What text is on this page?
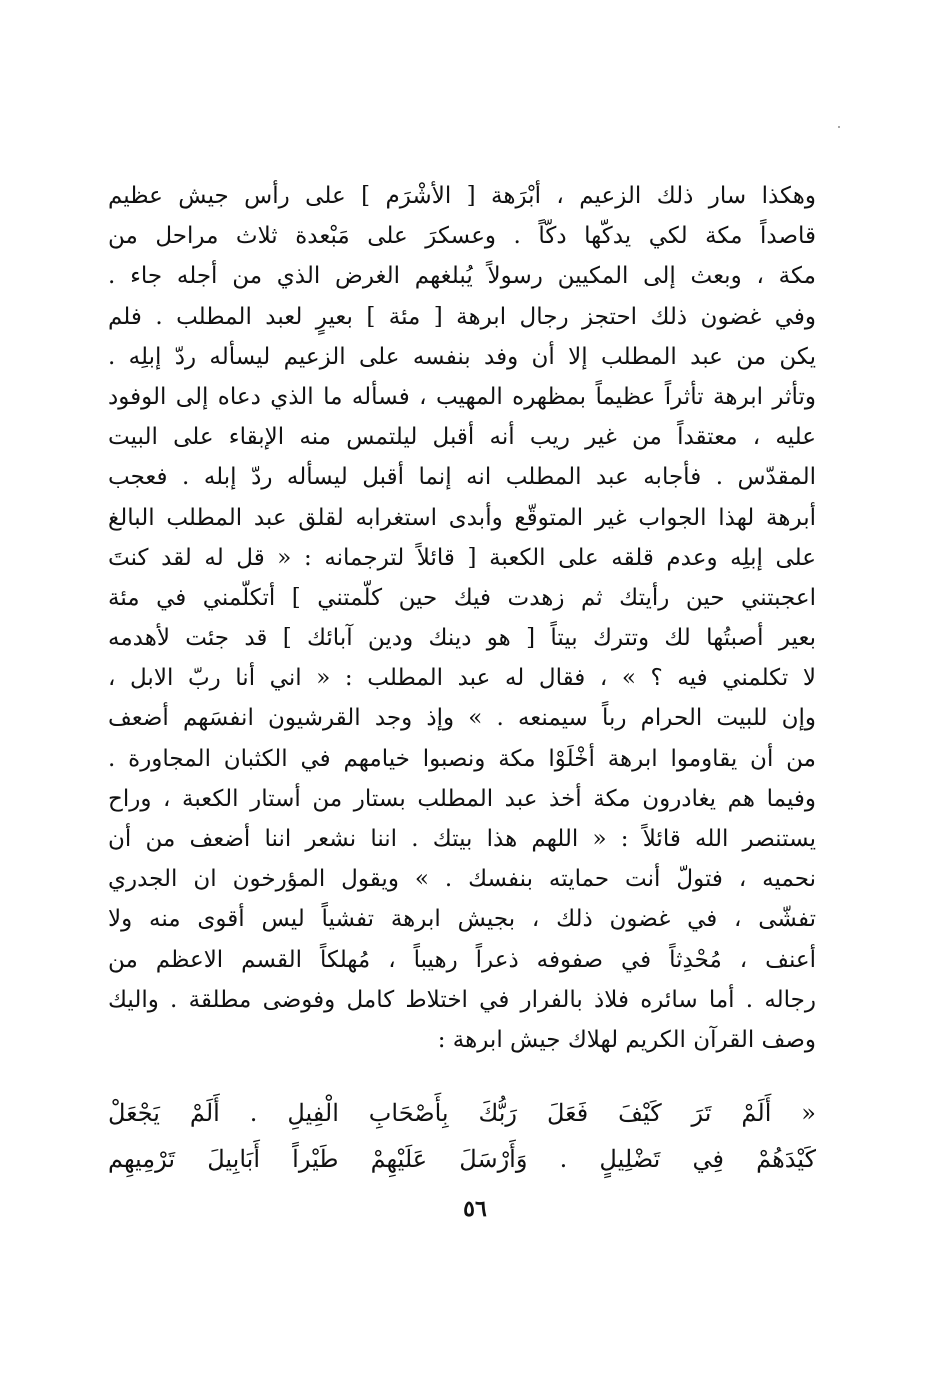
وهكذا سار ذلك الزعيم ، أبْرَهة [ الأشْرَم ] على رأس جيش عظيم
قاصداً مكة لكي يدكّها دكّاً . وعسكرَ على مَبْعدة ثلاث مراحل من
مكة ، وبعث إلى المكيين رسولاً يُبلغهم الغرض الذي من أجله جاء .
وفي غضون ذلك احتجز رجال ابرهة [ مئة ] بعيرٍ لعبد المطلب . فلم
يكن من عبد المطلب إلا أن وفد بنفسه على الزعيم ليسأله ردّ إبلِه .
وتأثر ابرهة تأثراً عظيماً بمظهره المهيب ، فسأله ما الذي دعاه إلى الوفود
عليه ، معتقداً من غير ريب أنه أقبل ليلتمس منه الإبقاء على البيت
المقدّس . فأجابه عبد المطلب انه إنما أقبل ليسأله ردّ إبله . فعجب
أبرهة لهذا الجواب غير المتوقّع وأبدى استغرابه لقلق عبد المطلب البالغ
على إبلِه وعدم قلقه على الكعبة [ قائلاً لترجمانه : « قل له لقد كنتَ
اعجبتني حين رأيتك ثم زهدت فيك حين كلّمتني ] أتكلّمني في مئة
بعير أصبتُها لك وتترك بيتاً [ هو دينك ودين آبائك ] قد جئت لأهدمه
لا تكلمني فيه ؟ » ، فقال له عبد المطلب : « اني أنا ربّ الابل ،
وإن للبيت الحرام رباً سيمنعه . » وإذ وجد القرشيون انفسَهم أضعف
من أن يقاوموا ابرهة أخْلَوْا مكة ونصبوا خيامهم في الكثبان المجاورة .
وفيما هم يغادرون مكة أخذ عبد المطلب بستار من أستار الكعبة ، وراح
يستنصر الله قائلاً : « اللهم هذا بيتك . اننا نشعر اننا أضعف من أن
نحميه ، فتولّ أنت حمايته بنفسك . » ويقول المؤرخون ان الجدري
تفشّى ، في غضون ذلك ، بجيش ابرهة تفشياً ليس أقوى منه ولا
أعنف ، مُحْدِثاً في صفوفه ذعراً رهيباً ، مُهلكاً القسم الاعظم من
رجاله . أما سائره فلاذ بالفرار في اختلاط كامل وفوضى مطلقة . واليك
وصف القرآن الكريم لهلاك جيش ابرهة :
« أَلَمْ تَرَ كَيْفَ فَعَلَ رَبُّكَ بِأَصْحَابِ الْفِيلِ . أَلَمْ يَجْعَلْ
كَيْدَهُمْ فِي تَضْلِيلٍ . وَأَرْسَلَ عَلَيْهِمْ طَيْراً أَبَابِيلَ تَرْمِيهِم
٥٦
